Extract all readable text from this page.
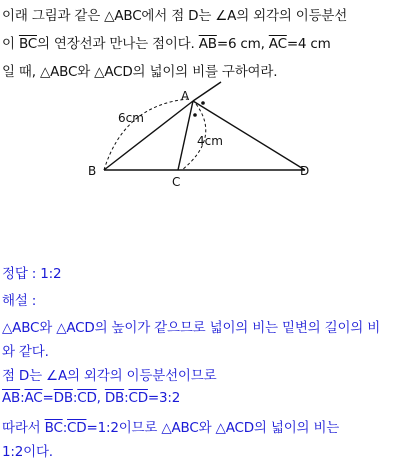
이래 그림과 같은 △ABC에서 점 D는 ∠A의 외각의 이등분선
이 $\overline{BC}$의 연장선과 만나는 점이다. $\overline{AB}=6$ cm, $\overline{AC}=4$ cm
일 때, △ABC와 △ACD의 넓이의 비를 구하여라.
A
B
C
D
6cm
4cm
정답 : 1:2
해설 :
△ABC와 △ACD의 높이가 같으므로 넓이의 비는 밑변의 길이의 비
와 같다.
점 D는 ∠A의 외각의 이등분선이므로
$\overline{AB}:\overline{AC}=\overline{DB}:\overline{CD}$, $\overline{DB}:\overline{CD}=3:2$
따라서 $\overline{BC}:\overline{CD}=1:2$이므로 △ABC와 △ACD의 넓이의 비는
1:2이다.
